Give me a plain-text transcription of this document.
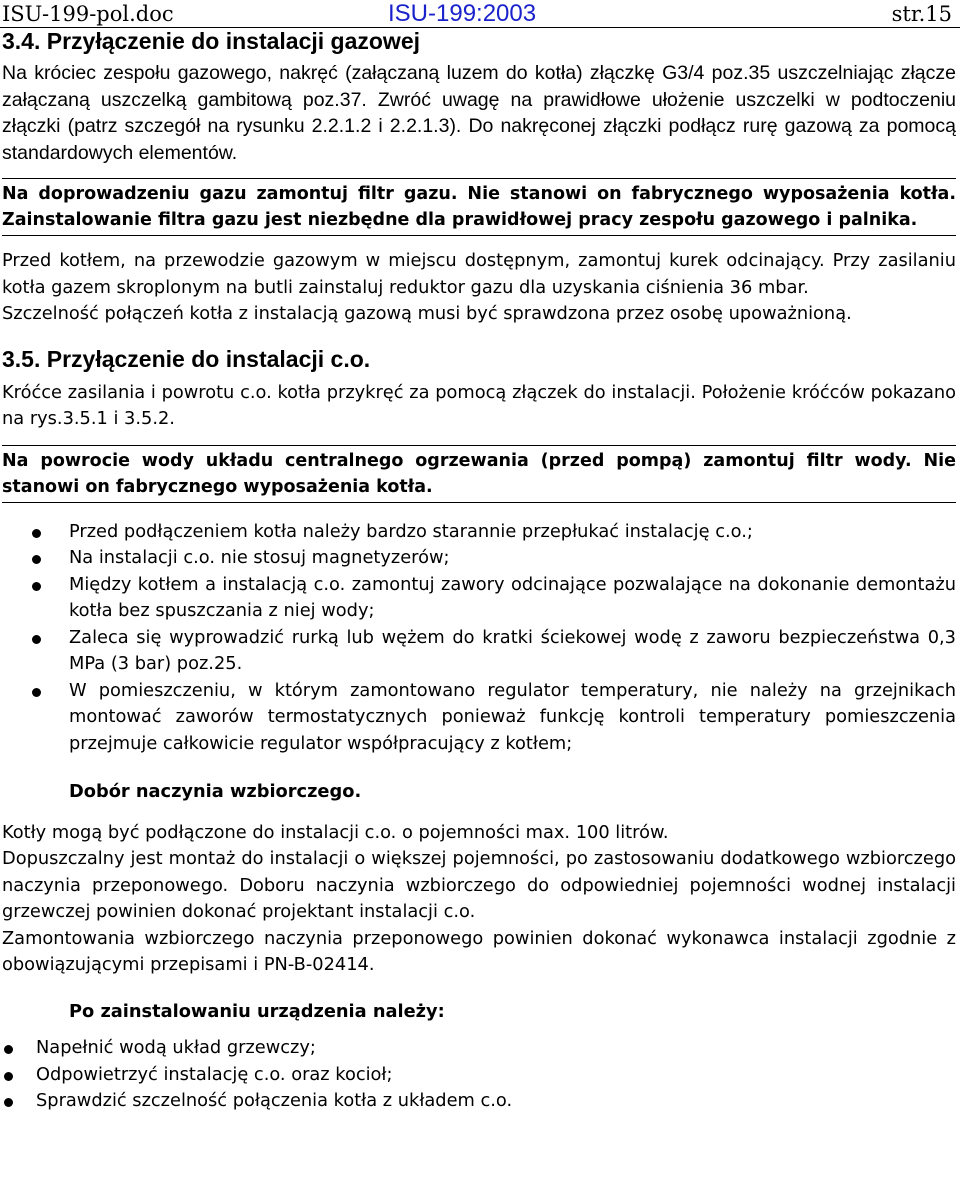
ISU-199-pol.doc	ISU-199:2003	str.15
3.4. Przyłączenie do instalacji gazowej

Na króciec zespołu gazowego, nakręć (załączaną luzem do kotła) złączkę G3/4 poz.35 uszczelniając złącze załączaną uszczelką gambitową poz.37. Zwróć uwagę na prawidłowe ułożenie uszczelki w podtoczeniu złączki (patrz szczegół na rysunku 2.2.1.2 i 2.2.1.3). Do nakręconej złączki podłącz rurę gazową za pomocą standardowych elementów.

Na doprowadzeniu gazu zamontuj filtr gazu. Nie stanowi on fabrycznego wyposażenia kotła. Zainstalowanie filtra gazu jest niezbędne dla prawidłowej pracy zespołu gazowego i palnika.

Przed kotłem, na przewodzie gazowym w miejscu dostępnym, zamontuj kurek odcinający. Przy zasilaniu kotła gazem skroplonym na butli zainstaluj reduktor gazu dla uzyskania ciśnienia 36 mbar.

Szczelność połączeń kotła z instalacją gazową musi być sprawdzona przez osobę upoważnioną.

3.5. Przyłączenie do instalacji c.o.

Króćce zasilania i powrotu c.o. kotła przykręć za pomocą złączek do instalacji. Położenie króćców pokazano na rys.3.5.1 i 3.5.2.

Na powrocie wody układu centralnego ogrzewania (przed pompą) zamontuj filtr wody. Nie stanowi on fabrycznego wyposażenia kotła.

Przed podłączeniem kotła należy bardzo starannie przepłukać instalację c.o.;
Na instalacji c.o. nie stosuj magnetyzerów;
Między kotłem a instalacją c.o. zamontuj zawory odcinające pozwalające na dokonanie demontażu kotła bez spuszczania z niej wody;
Zaleca się wyprowadzić rurką lub wężem do kratki ściekowej wodę z zaworu bezpieczeństwa 0,3 MPa (3 bar) poz.25.
W pomieszczeniu, w którym zamontowano regulator temperatury, nie należy na grzejnikach montować zaworów termostatycznych ponieważ funkcję kontroli temperatury pomieszczenia przejmuje całkowicie regulator współpracujący z kotłem;

Dobór naczynia wzbiorczego.

Kotły mogą być podłączone do instalacji c.o. o pojemności max. 100 litrów.

Dopuszczalny jest montaż do instalacji o większej pojemności, po zastosowaniu dodatkowego wzbiorczego naczynia przeponowego. Doboru naczynia wzbiorczego do odpowiedniej pojemności wodnej instalacji grzewczej powinien dokonać projektant instalacji c.o.

Zamontowania wzbiorczego naczynia przeponowego powinien dokonać wykonawca instalacji zgodnie z obowiązującymi przepisami i PN-B-02414.

Po zainstalowaniu urządzenia należy:

Napełnić wodą układ grzewczy;
Odpowietrzyć instalację c.o. oraz kocioł;
Sprawdzić szczelność połączenia kotła z układem c.o.
